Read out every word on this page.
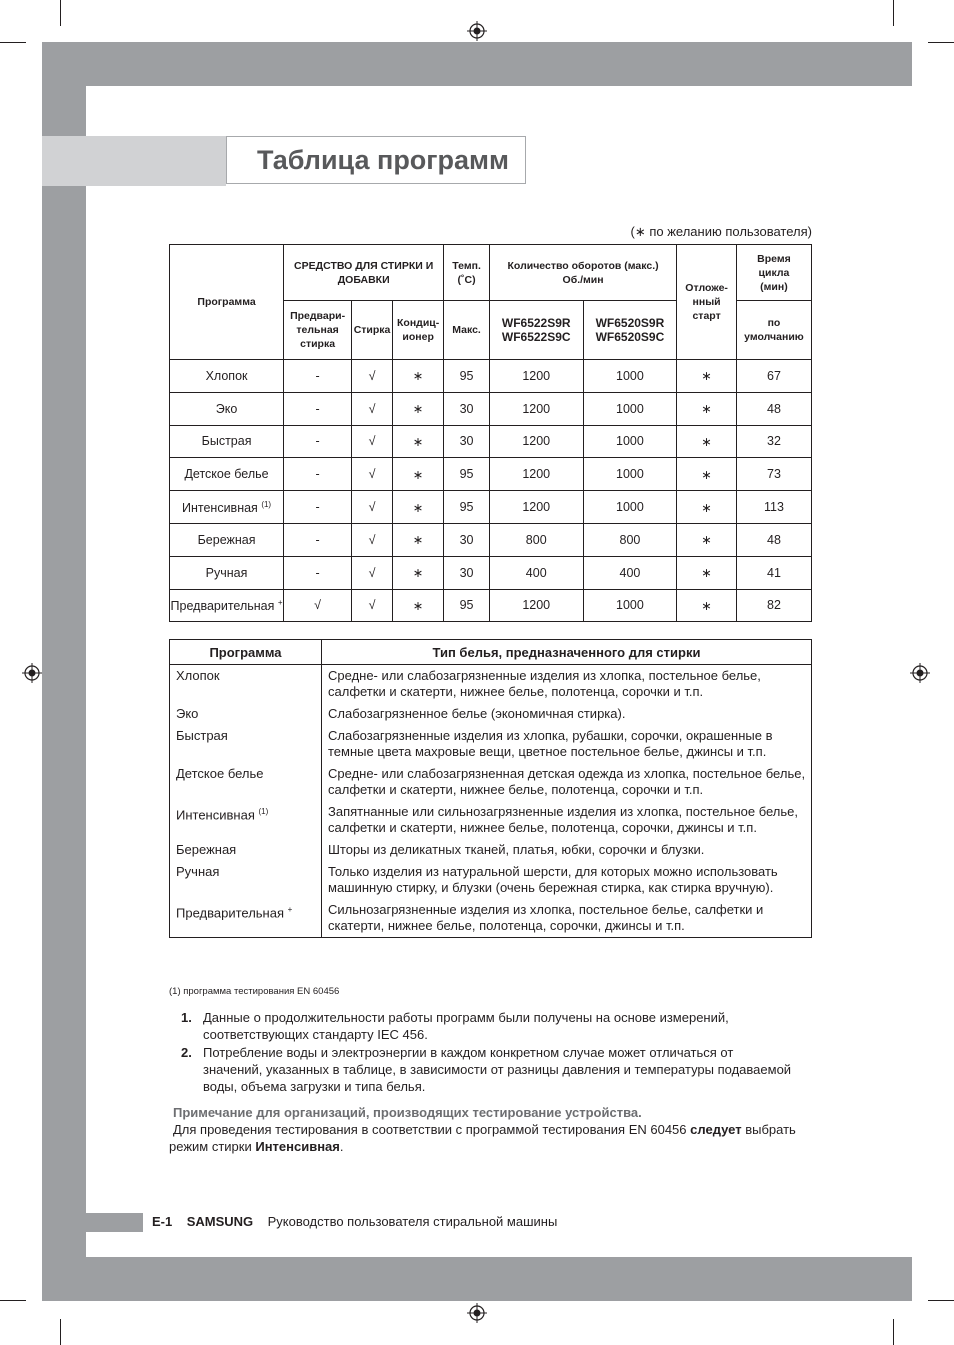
Таблица программ
(∗ по желанию пользователя)
Программа	СРЕДСТВО ДЛЯ СТИРКИ И ДОБАВКИ			Темп. (˚C)	Количество оборотов (макс.) Об./мин		Отложе-нный старт	Время цикла (мин)
	Предвари-тельная стирка	Стирка	Кондиц-ионер	Макс.	WF6522S9R WF6522S9C	WF6520S9R WF6520S9C		по умолчанию
Хлопок	-	√	∗	95	1200	1000	∗	67
Эко	-	√	∗	30	1200	1000	∗	48
Быстрая	-	√	∗	30	1200	1000	∗	32
Детское белье	-	√	∗	95	1200	1000	∗	73
Интенсивная $^{(1)}$	-	√	∗	95	1200	1000	∗	113
Бережная	-	√	∗	30	800	800	∗	48
Ручная	-	√	∗	30	400	400	∗	41
Предварительная +	√	√	∗	95	1200	1000	∗	82
Программа	Тип белья, предназначенного для стирки
Хлопок	Средне- или слабозагрязненные изделия из хлопка, постельное белье, салфетки и скатерти, нижнее белье, полотенца, сорочки и т.п.
Эко	Слабозагрязненное белье (экономичная стирка).
Быстрая	Слабозагрязненные изделия из хлопка, рубашки, сорочки, окрашенные в темные цвета махровые вещи, цветное постельное белье, джинсы и т.п.
Детское белье	Средне- или слабозагрязненная детская одежда из хлопка, постельное белье, салфетки и скатерти, нижнее белье, полотенца, сорочки и т.п.
Интенсивная $^{(1)}$	Запятнанные или сильнозагрязненные изделия из хлопка, постельное белье, салфетки и скатерти, нижнее белье, полотенца, сорочки, джинсы и т.п.
Бережная	Шторы из деликатных тканей, платья, юбки, сорочки и блузки.
Ручная	Только изделия из натуральной шерсти, для которых можно использовать машинную стирку, и блузки (очень бережная стирка, как стирка вручную).
Предварительная +	Сильнозагрязненные изделия из хлопка, постельное белье, салфетки и скатерти, нижнее белье, полотенца, сорочки, джинсы и т.п.
(1) программа тестирования EN 60456
1. Данные о продолжительности работы программ были получены на основе измерений, соответствующих стандарту IEC 456.
2. Потребление воды и электроэнергии в каждом конкретном случае может отличаться от значений, указанных в таблице, в зависимости от разницы давления и температуры подаваемой воды, объема загрузки и типа белья.
Примечание для организаций, производящих тестирование устройства.
Для проведения тестирования в соответствии с программой тестирования EN 60456 следует выбрать режим стирки Интенсивная.
E-1 SAMSUNG Руководство пользователя стиральной машины
